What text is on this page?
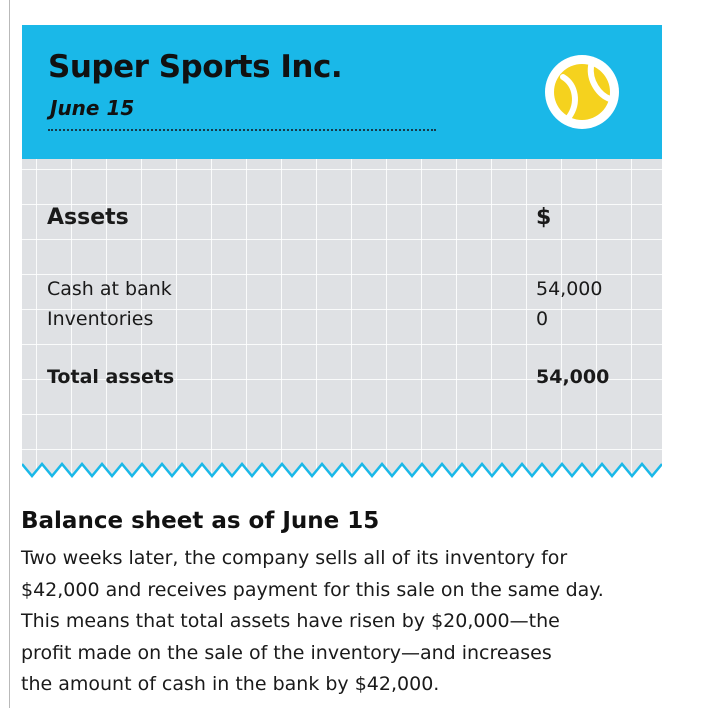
Super Sports Inc.
June 15
Assets	$
Cash at bank	54,000
Inventories	0
Total assets	54,000
Balance sheet as of June 15
Two weeks later, the company sells all of its inventory for
$42,000 and receives payment for this sale on the same day.
This means that total assets have risen by $20,000—the
profit made on the sale of the inventory—and increases
the amount of cash in the bank by $42,000.
